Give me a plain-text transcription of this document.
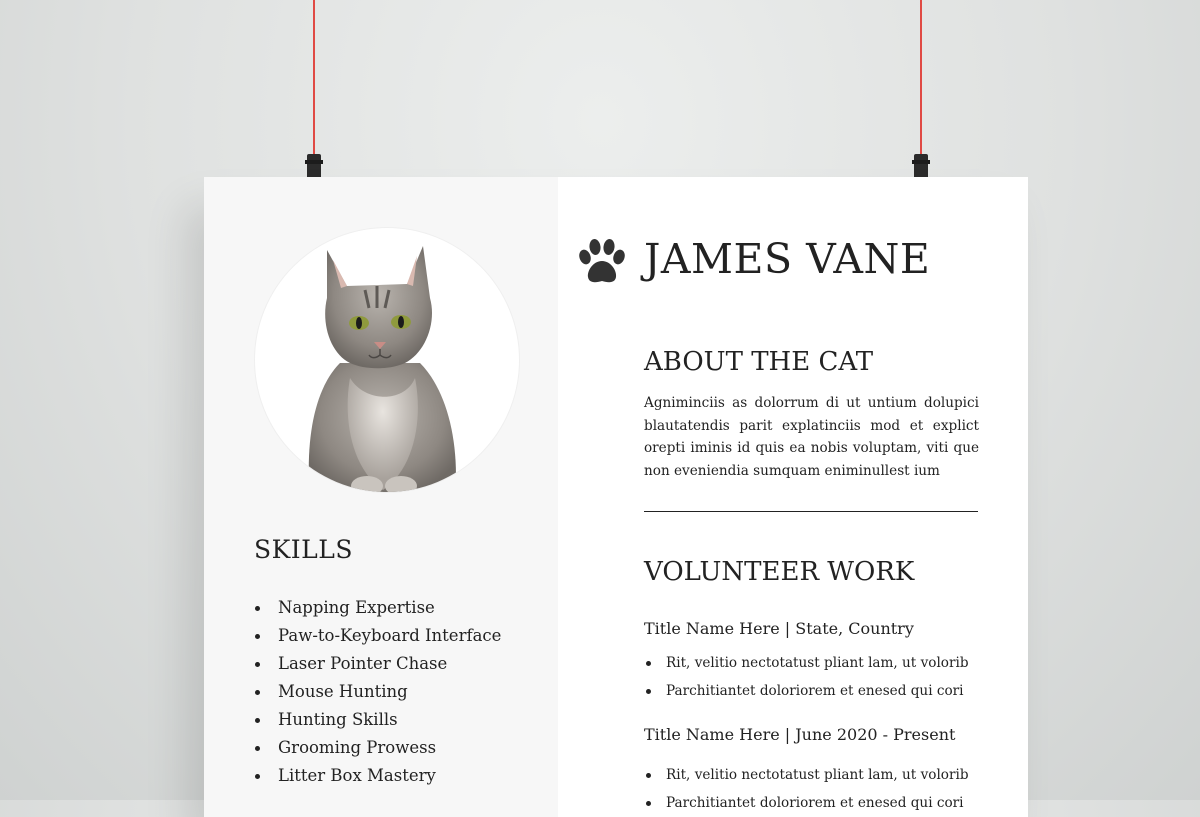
SKILLS
Napping Expertise
Paw-to-Keyboard Interface
Laser Pointer Chase
Mouse Hunting
Hunting Skills
Grooming Prowess
Litter Box Mastery
JAMES VANE
ABOUT THE CAT
Agniminciis as dolorrum di ut untium dolupici blautatendis parit explatinciis mod et explict orepti iminis id quis ea nobis voluptam, viti que non eveniendia sumquam eniminullest ium
VOLUNTEER WORK
Title Name Here | State, Country
Rit, velitio nectotatust pliant lam, ut volorib
Parchitiantet doloriorem et enesed qui cori
Title Name Here | June 2020 - Present
Rit, velitio nectotatust pliant lam, ut volorib
Parchitiantet doloriorem et enesed qui cori
